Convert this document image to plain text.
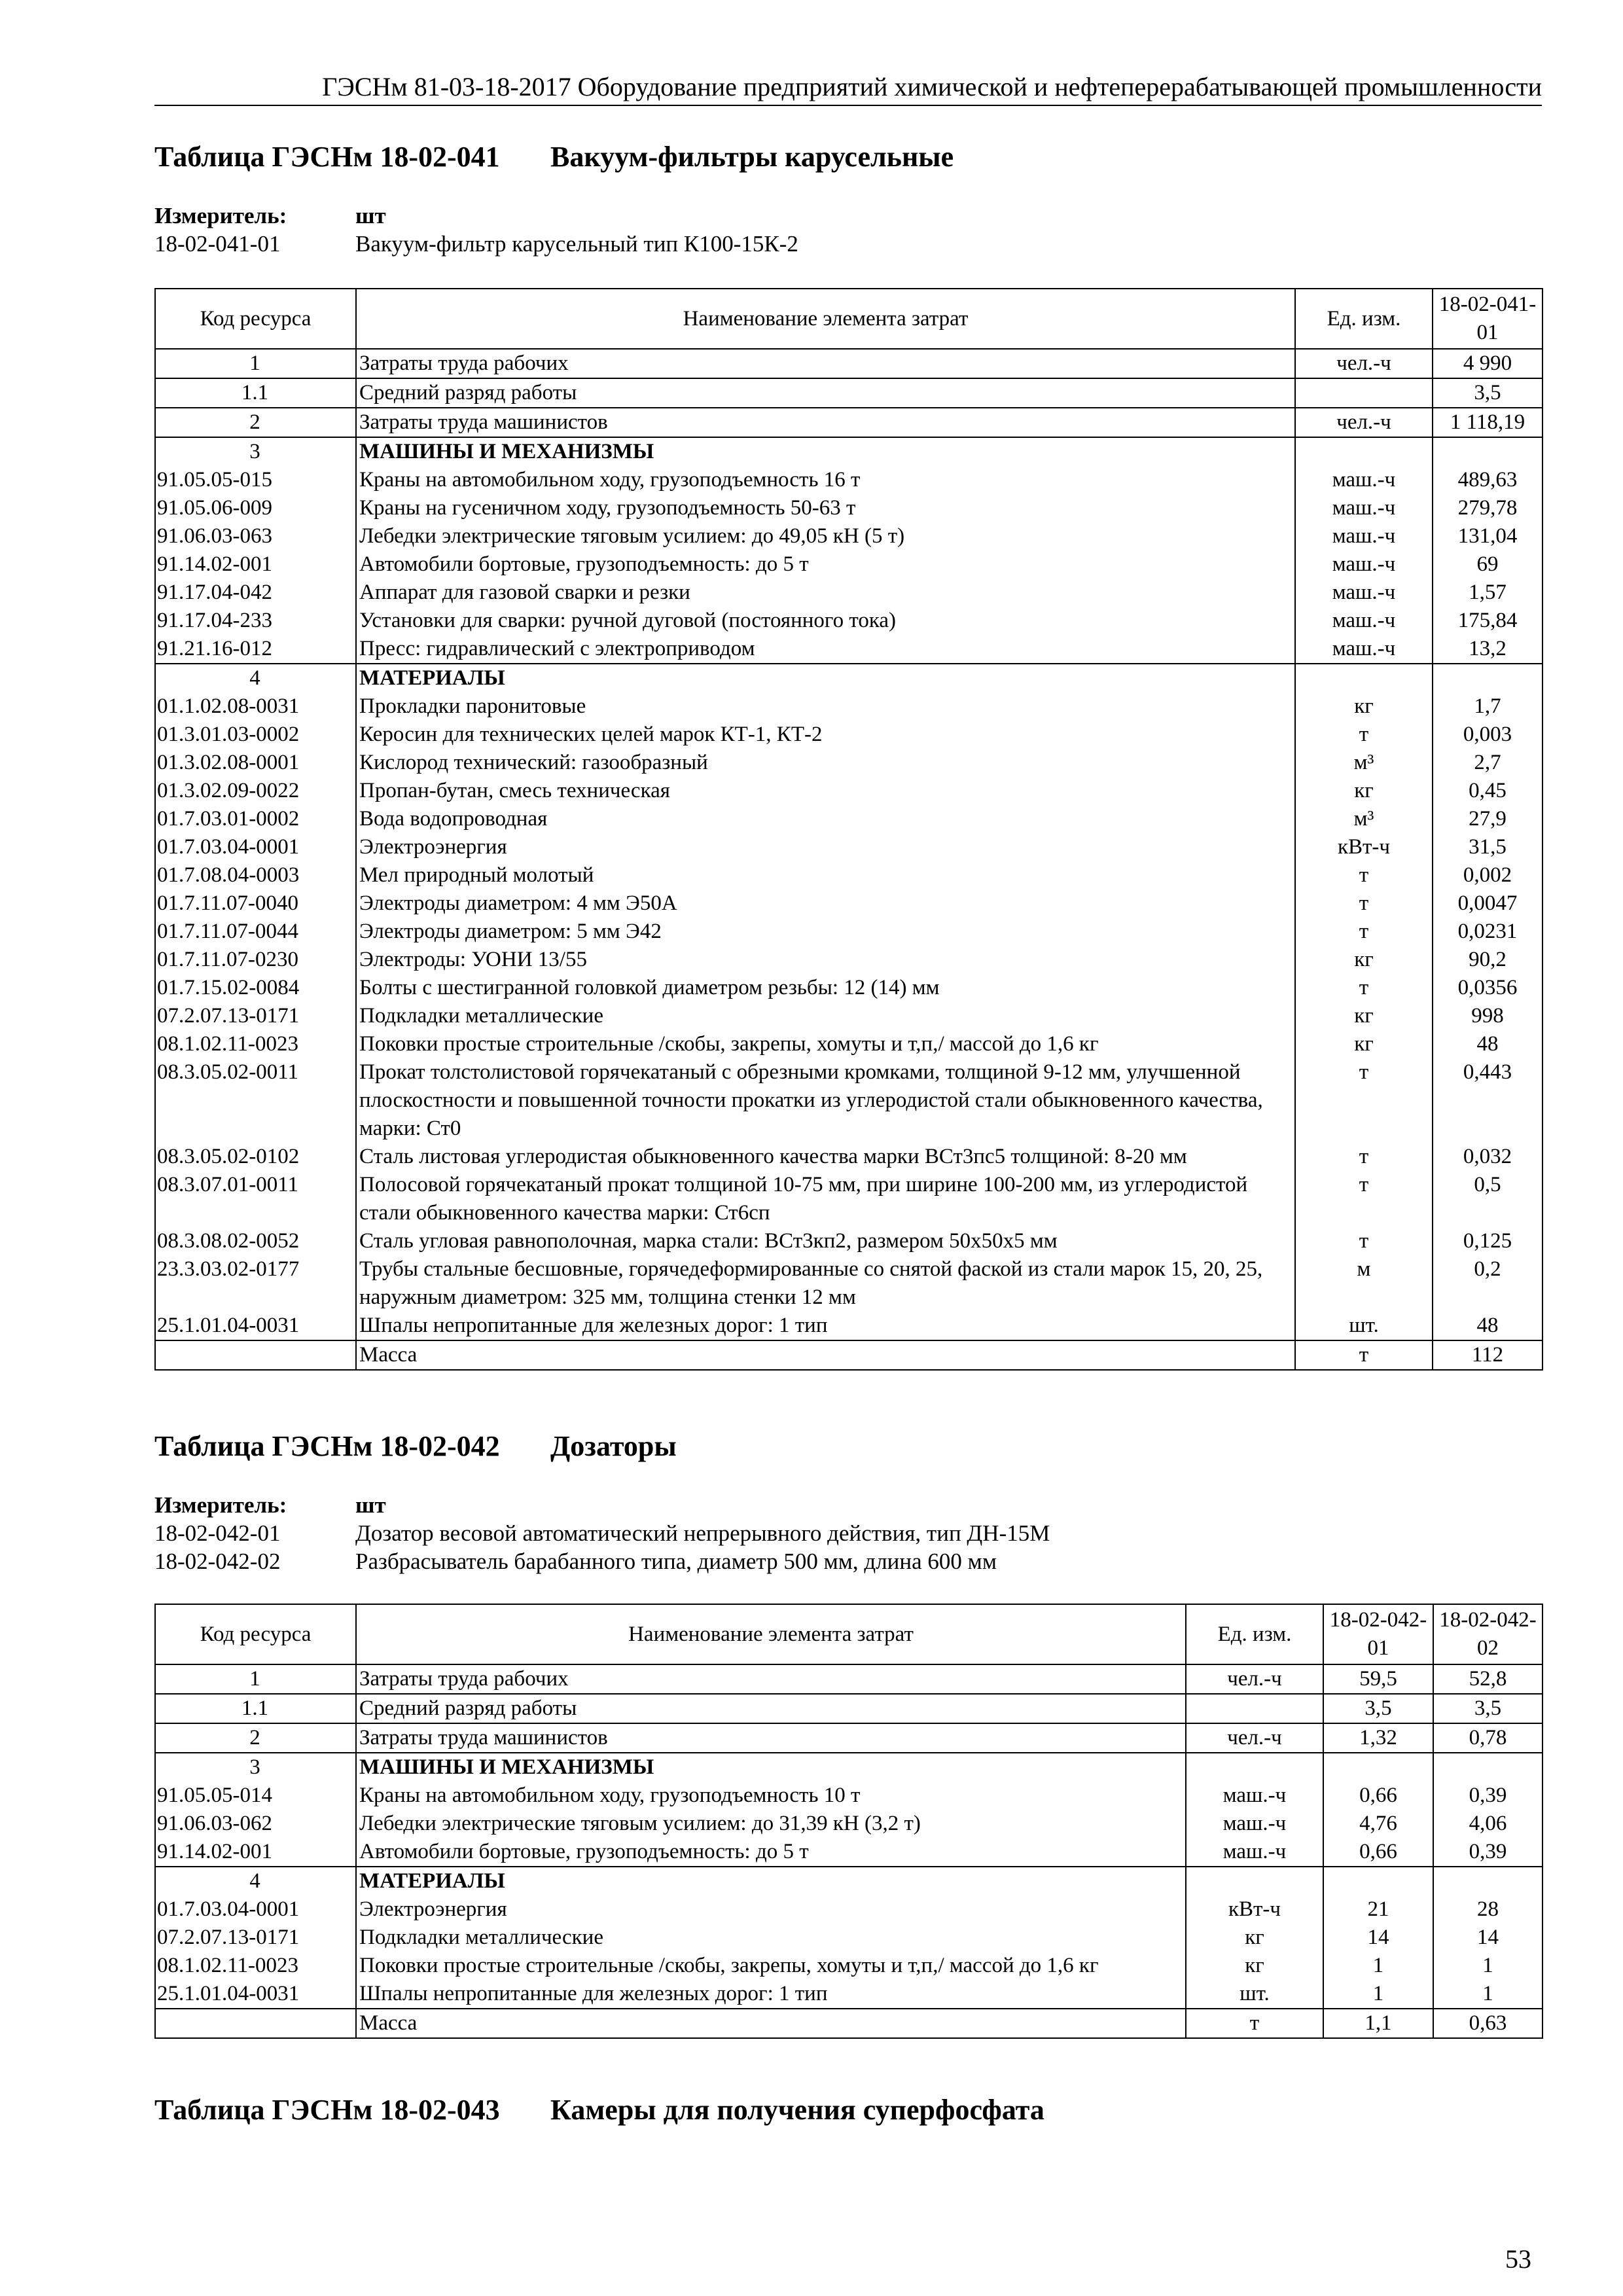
ГЭСНм 81-03-18-2017 Оборудование предприятий химической и нефтеперерабатывающей промышленности
Таблица ГЭСНм 18-02-041 Вакуум-фильтры карусельные
Измеритель:	шт
18-02-041-01	Вакуум-фильтр карусельный тип К100-15К-2
Код ресурса	Наименование элемента затрат	Ед. изм.	18-02-041-01
1	Затраты труда рабочих	чел.-ч	4 990
1.1	Средний разряд работы		3,5
2	Затраты труда машинистов	чел.-ч	1 118,19
3	МАШИНЫ И МЕХАНИЗМЫ		
91.05.05-015	Краны на автомобильном ходу, грузоподъемность 16 т	маш.-ч	489,63
91.05.06-009	Краны на гусеничном ходу, грузоподъемность 50-63 т	маш.-ч	279,78
91.06.03-063	Лебедки электрические тяговым усилием: до 49,05 кН (5 т)	маш.-ч	131,04
91.14.02-001	Автомобили бортовые, грузоподъемность: до 5 т	маш.-ч	69
91.17.04-042	Аппарат для газовой сварки и резки	маш.-ч	1,57
91.17.04-233	Установки для сварки: ручной дуговой (постоянного тока)	маш.-ч	175,84
91.21.16-012	Пресс: гидравлический с электроприводом	маш.-ч	13,2
4	МАТЕРИАЛЫ		
01.1.02.08-0031	Прокладки паронитовые	кг	1,7
01.3.01.03-0002	Керосин для технических целей марок КТ-1, КТ-2	т	0,003
01.3.02.08-0001	Кислород технический: газообразный	м³	2,7
01.3.02.09-0022	Пропан-бутан, смесь техническая	кг	0,45
01.7.03.01-0002	Вода водопроводная	м³	27,9
01.7.03.04-0001	Электроэнергия	кВт-ч	31,5
01.7.08.04-0003	Мел природный молотый	т	0,002
01.7.11.07-0040	Электроды диаметром: 4 мм Э50А	т	0,0047
01.7.11.07-0044	Электроды диаметром: 5 мм Э42	т	0,0231
01.7.11.07-0230	Электроды: УОНИ 13/55	кг	90,2
01.7.15.02-0084	Болты с шестигранной головкой диаметром резьбы: 12 (14) мм	т	0,0356
07.2.07.13-0171	Подкладки металлические	кг	998
08.1.02.11-0023	Поковки простые строительные /скобы, закрепы, хомуты и т,п,/ массой до 1,6 кг	кг	48
08.3.05.02-0011	Прокат толстолистовой горячекатаный с обрезными кромками, толщиной 9-12 мм, улучшенной плоскостности и повышенной точности прокатки из углеродистой стали обыкновенного качества, марки: Ст0	т	0,443
08.3.05.02-0102	Сталь листовая углеродистая обыкновенного качества марки ВСт3пс5 толщиной: 8-20 мм	т	0,032
08.3.07.01-0011	Полосовой горячекатаный прокат толщиной 10-75 мм, при ширине 100-200 мм, из углеродистой стали обыкновенного качества марки: Ст6сп	т	0,5
08.3.08.02-0052	Сталь угловая равнополочная, марка стали: ВСт3кп2, размером 50х50х5 мм	т	0,125
23.3.03.02-0177	Трубы стальные бесшовные, горячедеформированные со снятой фаской из стали марок 15, 20, 25, наружным диаметром: 325 мм, толщина стенки 12 мм	м	0,2
25.1.01.04-0031	Шпалы непропитанные для железных дорог: 1 тип	шт.	48
	Масса	т	112
Таблица ГЭСНм 18-02-042 Дозаторы
Измеритель:	шт
18-02-042-01	Дозатор весовой автоматический непрерывного действия, тип ДН-15М
18-02-042-02	Разбрасыватель барабанного типа, диаметр 500 мм, длина 600 мм
Код ресурса	Наименование элемента затрат	Ед. изм.	18-02-042-01	18-02-042-02
1	Затраты труда рабочих	чел.-ч	59,5	52,8
1.1	Средний разряд работы		3,5	3,5
2	Затраты труда машинистов	чел.-ч	1,32	0,78
3	МАШИНЫ И МЕХАНИЗМЫ			
91.05.05-014	Краны на автомобильном ходу, грузоподъемность 10 т	маш.-ч	0,66	0,39
91.06.03-062	Лебедки электрические тяговым усилием: до 31,39 кН (3,2 т)	маш.-ч	4,76	4,06
91.14.02-001	Автомобили бортовые, грузоподъемность: до 5 т	маш.-ч	0,66	0,39
4	МАТЕРИАЛЫ			
01.7.03.04-0001	Электроэнергия	кВт-ч	21	28
07.2.07.13-0171	Подкладки металлические	кг	14	14
08.1.02.11-0023	Поковки простые строительные /скобы, закрепы, хомуты и т,п,/ массой до 1,6 кг	кг	1	1
25.1.01.04-0031	Шпалы непропитанные для железных дорог: 1 тип	шт.	1	1
	Масса	т	1,1	0,63
Таблица ГЭСНм 18-02-043 Камеры для получения суперфосфата
53
